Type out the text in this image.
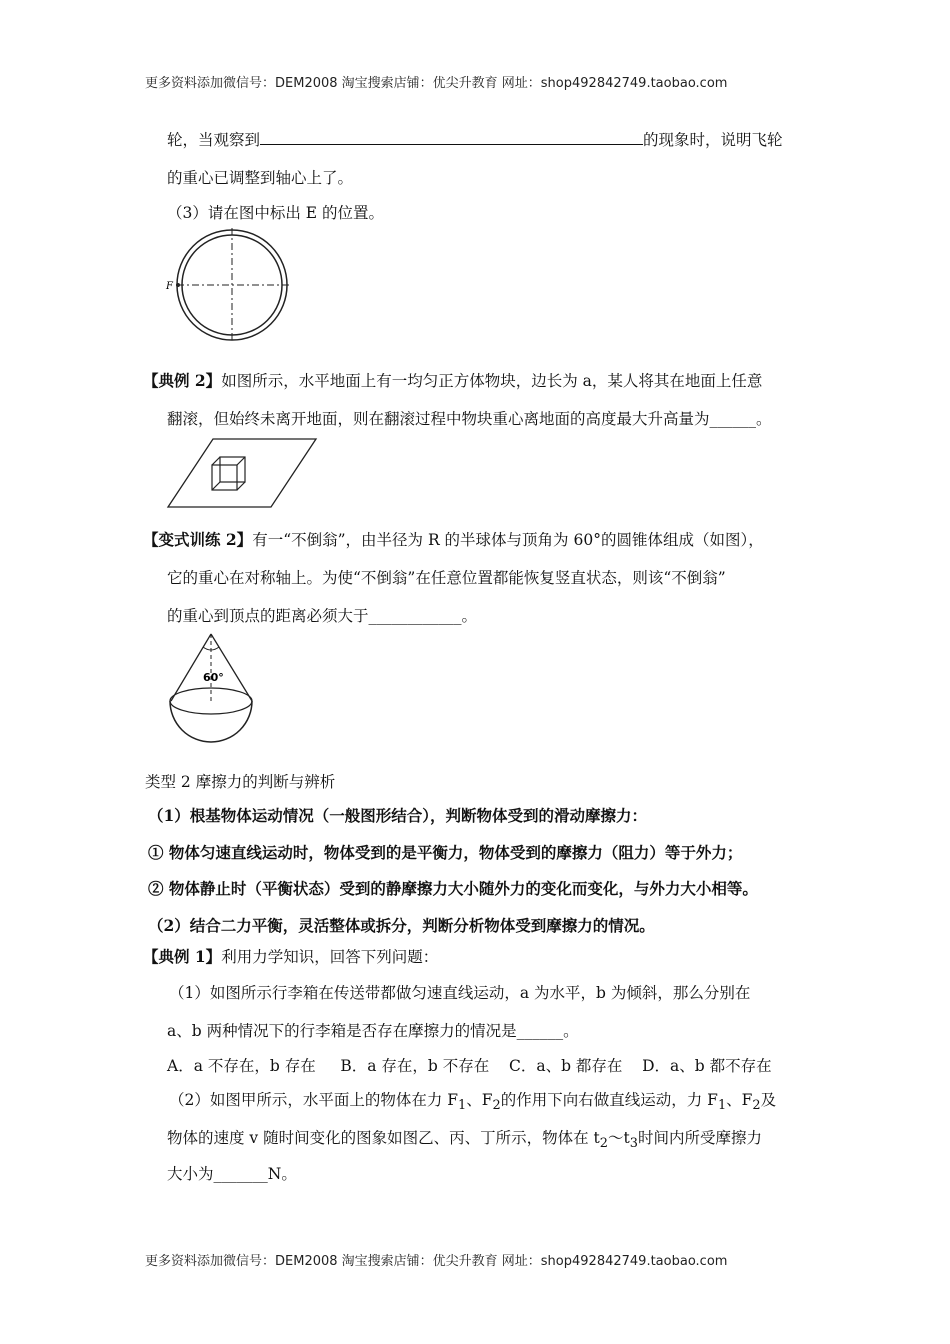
更多资料添加微信号：DEM2008 淘宝搜索店铺：优尖升教育 网址：shop492842749.taobao.com
轮，当观察到	的现象时，说明飞轮
的重心已调整到轴心上了。
（3）请在图中标出 E 的位置。
F
【典例 2】如图所示，水平地面上有一均匀正方体物块，边长为 a，某人将其在地面上任意
翻滚，但始终未离开地面，则在翻滚过程中物块重心离地面的高度最大升高量为______。
【变式训练 2】有一“不倒翁”，由半径为 R 的半球体与顶角为 60°的圆锥体组成（如图），
它的重心在对称轴上。为使“不倒翁”在任意位置都能恢复竖直状态，则该“不倒翁”
的重心到顶点的距离必须大于____________。
60°
类型 2 摩擦力的判断与辨析
（1）根基物体运动情况（一般图形结合），判断物体受到的滑动摩擦力：
① 物体匀速直线运动时，物体受到的是平衡力，物体受到的摩擦力（阻力）等于外力；
② 物体静止时（平衡状态）受到的静摩擦力大小随外力的变化而变化，与外力大小相等。
（2）结合二力平衡，灵活整体或拆分，判断分析物体受到摩擦力的情况。
【典例 1】利用力学知识，回答下列问题：
（1）如图所示行李箱在传送带都做匀速直线运动，a 为水平，b 为倾斜，那么分别在
a、b 两种情况下的行李箱是否存在摩擦力的情况是______。
A．a 不存在，b 存在     B．a 存在，b 不存在    C．a、b 都存在    D．a、b 都不存在
（2）如图甲所示，水平面上的物体在力 $F_1$、$F_2$的作用下向右做直线运动，力 $F_1$、$F_2$及
物体的速度 v 随时间变化的图象如图乙、丙、丁所示，物体在 $t_2\sim t_3$时间内所受摩擦力
大小为_______N。
更多资料添加微信号：DEM2008 淘宝搜索店铺：优尖升教育 网址：shop492842749.taobao.com
